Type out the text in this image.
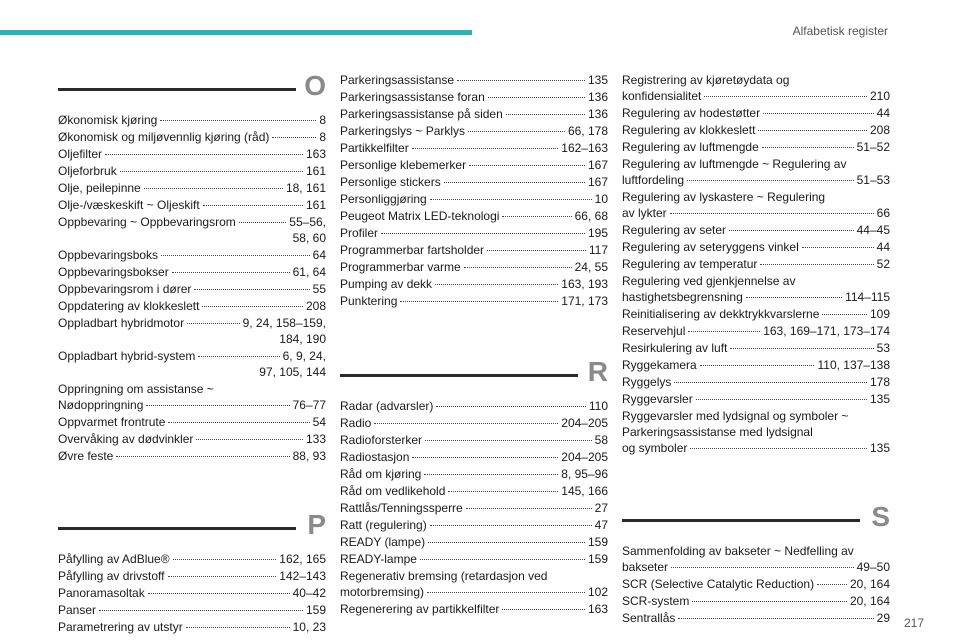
Alfabetisk register
O
Økonomisk kjøring	8
Økonomisk og miljøvennlig kjøring (råd)	8
Oljefilter	163
Oljeforbruk	161
Olje, peilepinne	18, 161
Olje-/væskeskift ~ Oljeskift	161
Oppbevaring ~ Oppbevaringsrom	55–56,
58, 60
Oppbevaringsboks	64
Oppbevaringsbokser	61, 64
Oppbevaringsrom i dører	55
Oppdatering av klokkeslett	208
Oppladbart hybridmotor	9, 24, 158–159,
184, 190
Oppladbart hybrid-system	6, 9, 24,
97, 105, 144
Oppringning om assistanse ~
Nødoppringning	76–77
Oppvarmet frontrute	54
Overvåking av dødvinkler	133
Øvre feste	88, 93
P
Påfylling av AdBlue®	162, 165
Påfylling av drivstoff	142–143
Panoramasoltak	40–42
Panser	159
Parametrering av utstyr	10, 23
Parkeringsassistanse	135
Parkeringsassistanse foran	136
Parkeringsassistanse på siden	136
Parkeringslys ~ Parklys	66, 178
Partikkelfilter	162–163
Personlige klebemerker	167
Personlige stickers	167
Personliggjøring	10
Peugeot Matrix LED-teknologi	66, 68
Profiler	195
Programmerbar fartsholder	117
Programmerbar varme	24, 55
Pumping av dekk	163, 193
Punktering	171, 173
R
Radar (advarsler)	110
Radio	204–205
Radioforsterker	58
Radiostasjon	204–205
Råd om kjøring	8, 95–96
Råd om vedlikehold	145, 166
Rattlås/Tenningssperre	27
Ratt (regulering)	47
READY (lampe)	159
READY-lampe	159
Regenerativ bremsing (retardasjon ved
motorbremsing)	102
Regenerering av partikkelfilter	163
Registrering av kjøretøydata og
konfidensialitet	210
Regulering av hodestøtter	44
Regulering av klokkeslett	208
Regulering av luftmengde	51–52
Regulering av luftmengde ~ Regulering av
luftfordeling	51–53
Regulering av lyskastere ~ Regulering
av lykter	66
Regulering av seter	44–45
Regulering av seteryggens vinkel	44
Regulering av temperatur	52
Regulering ved gjenkjennelse av
hastighetsbegrensning	114–115
Reinitialisering av dekktrykkvarslerne	109
Reservehjul	163, 169–171, 173–174
Resirkulering av luft	53
Ryggekamera	110, 137–138
Ryggelys	178
Ryggevarsler	135
Ryggevarsler med lydsignal og symboler ~
Parkeringsassistanse med lydsignal
og symboler	135
S
Sammenfolding av bakseter ~ Nedfelling av
bakseter	49–50
SCR (Selective Catalytic Reduction)	20, 164
SCR-system	20, 164
Sentrallås	29 217
